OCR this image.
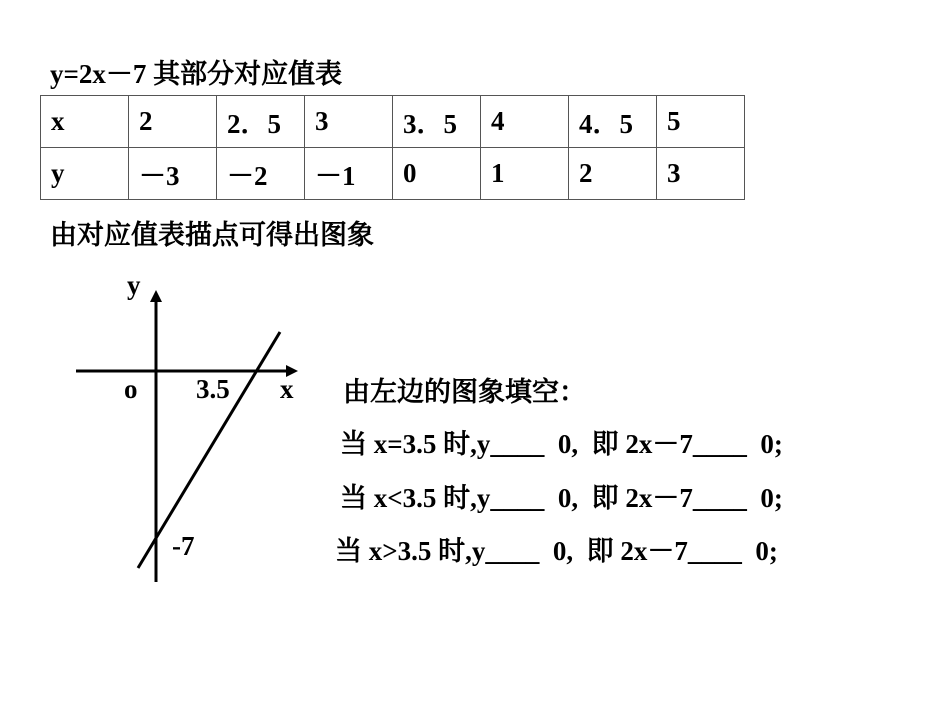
y=2x－7 其部分对应值表
x	2	2．5	3	3．5	4	4．5	5
y	－3	－2	－1	0	1	2	3
由对应值表描点可得出图象
y
x
o 3.5
-7
由左边的图象填空：
当 x=3.5 时,y____  0,  即 2x－7____  0;
当 x<3.5 时,y____  0,  即 2x－7____  0;
当 x>3.5 时,y____  0,  即 2x－7____  0;
